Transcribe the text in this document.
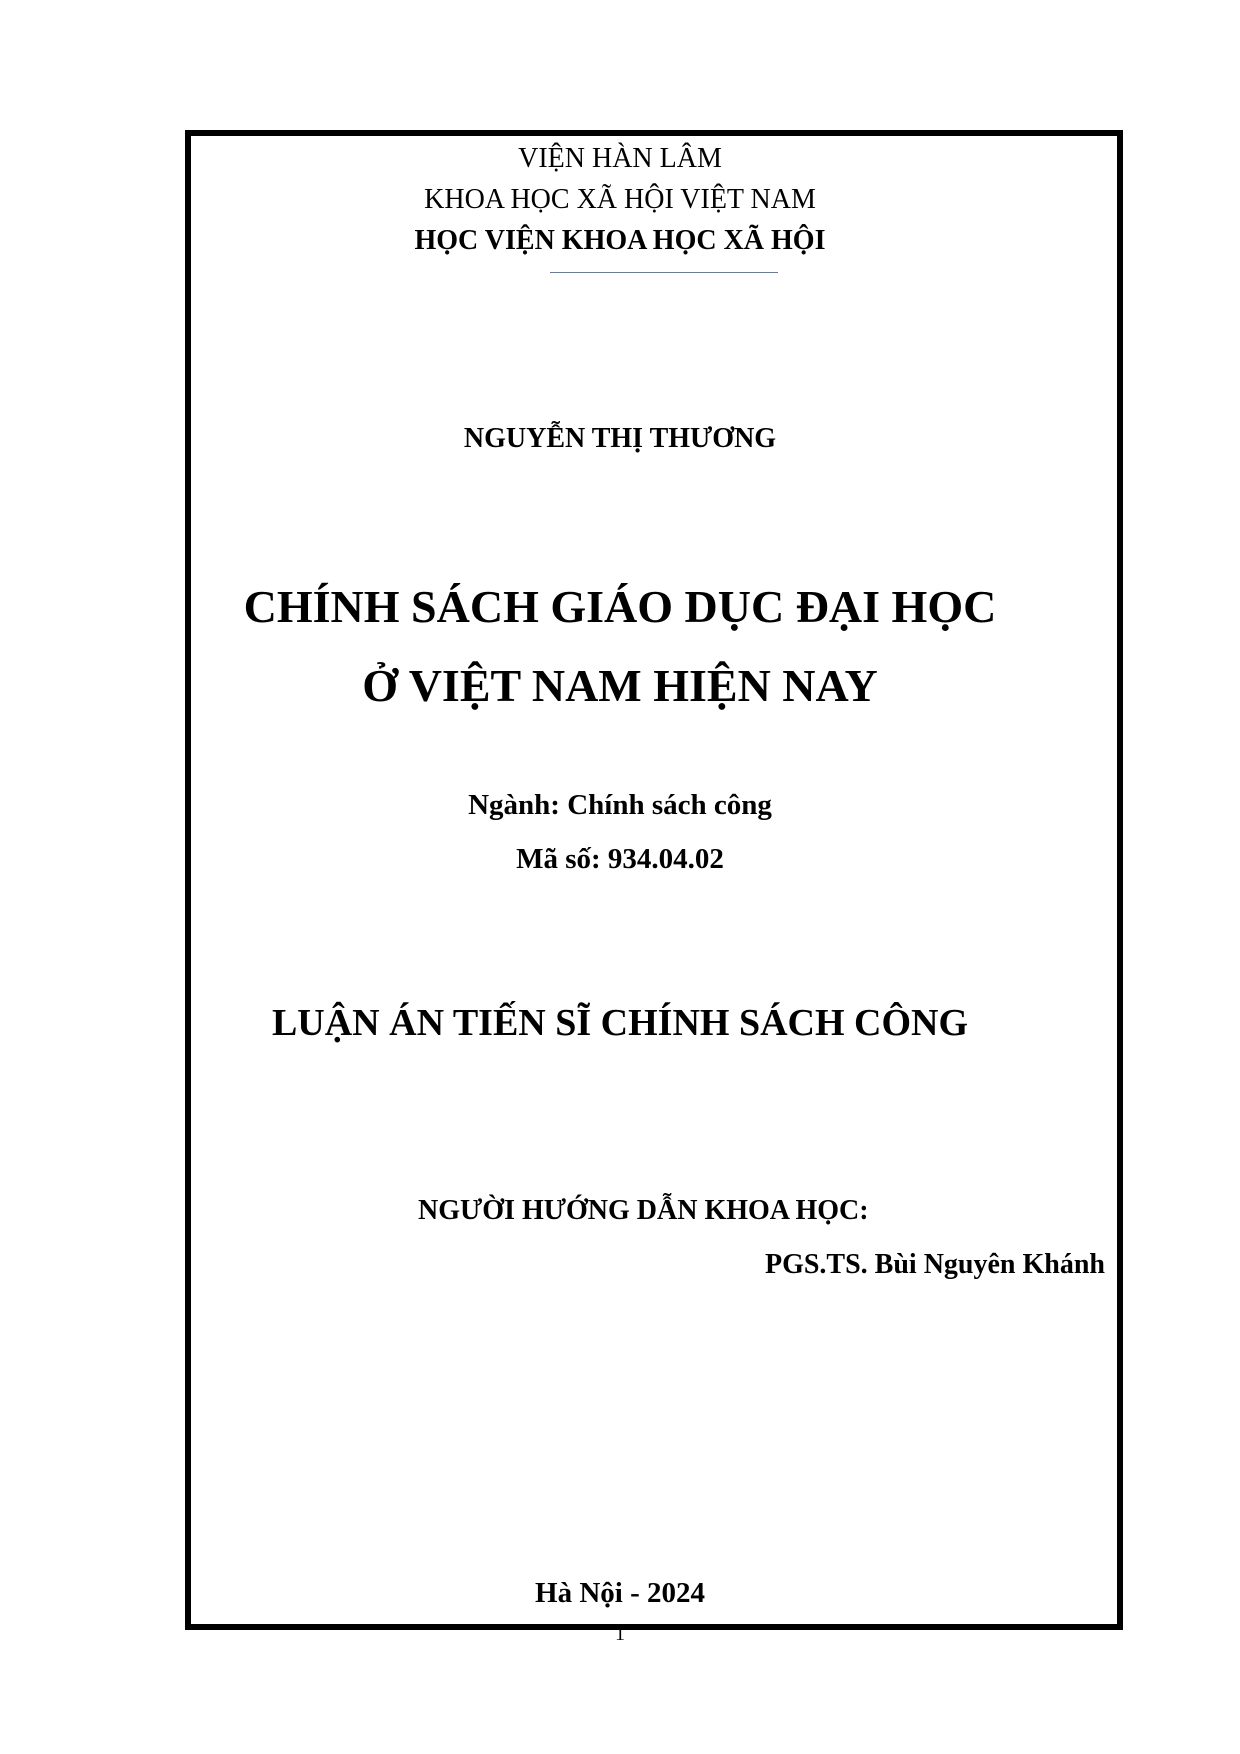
VIỆN HÀN LÂM
KHOA HỌC XÃ HỘI VIỆT NAM
HỌC VIỆN KHOA HỌC XÃ HỘI
NGUYỄN THỊ THƯƠNG
CHÍNH SÁCH GIÁO DỤC ĐẠI HỌC
Ở VIỆT NAM HIỆN NAY
Ngành: Chính sách công
Mã số: 934.04.02
LUẬN ÁN TIẾN SĨ CHÍNH SÁCH CÔNG
NGƯỜI HƯỚNG DẪN KHOA HỌC:
PGS.TS. Bùi Nguyên Khánh
Hà Nội - 2024
1
